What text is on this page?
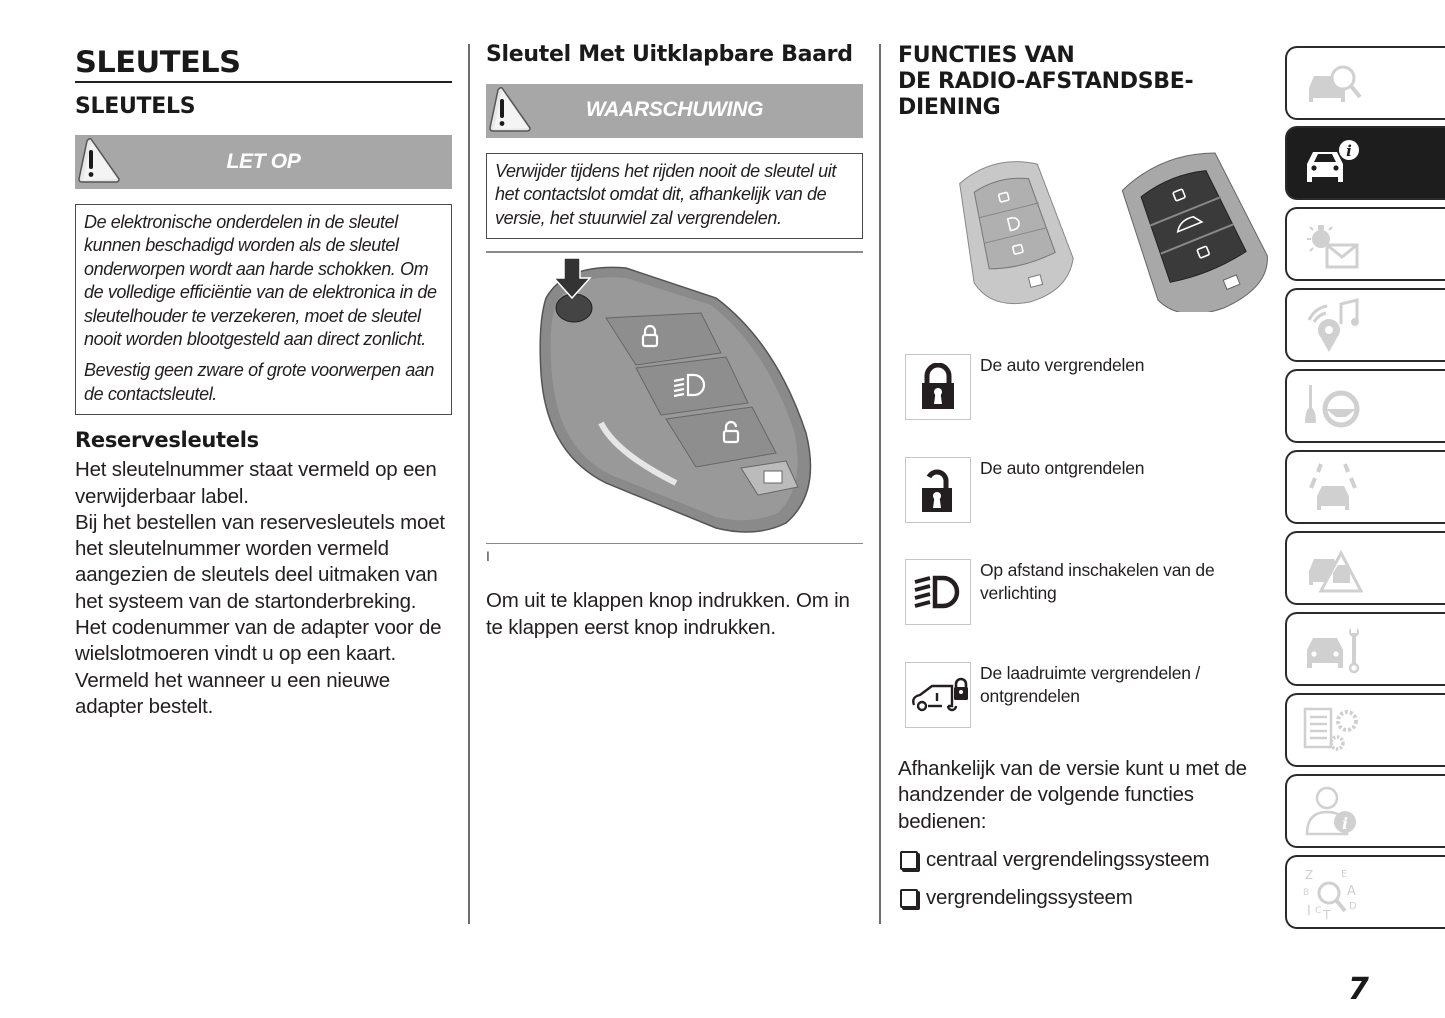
SLEUTELS
SLEUTELS
LET OP

De elektronische onderdelen in de sleutel kunnen beschadigd worden als de sleutel onderworpen wordt aan harde schokken. Om de volledige efficiëntie van de elektronica in de sleutelhouder te verzekeren, moet de sleutel nooit worden blootgesteld aan direct zonlicht.

Bevestig geen zware of grote voorwerpen aan de contactsleutel.

Reservesleutels
Het sleutelnummer staat vermeld op een verwijderbaar label.
Bij het bestellen van reservesleutels moet het sleutelnummer worden vermeld aangezien de sleutels deel uitmaken van het systeem van de startonderbreking.
Het codenummer van de adapter voor de wielslotmoeren vindt u op een kaart. Vermeld het wanneer u een nieuwe adapter bestelt.
Sleutel Met Uitklapbare Baard
WAARSCHUWING

Verwijder tijdens het rijden nooit de sleutel uit het contactslot omdat dit, afhankelijk van de versie, het stuurwiel zal vergrendelen.

I
Om uit te klappen knop indrukken. Om in te klappen eerst knop indrukken.
FUNCTIES VAN
DE RADIO-AFSTANDSBE-
DIENING
De auto vergrendelen
De auto ontgrendelen
Op afstand inschakelen van de verlichting
De laadruimte vergrendelen / ontgrendelen
Afhankelijk van de versie kunt u met de handzender de volgende functies bedienen:
centraal vergrendelingssysteem
vergrendelingssysteem
i
i
Z	E
B	A
D
I C T
7
